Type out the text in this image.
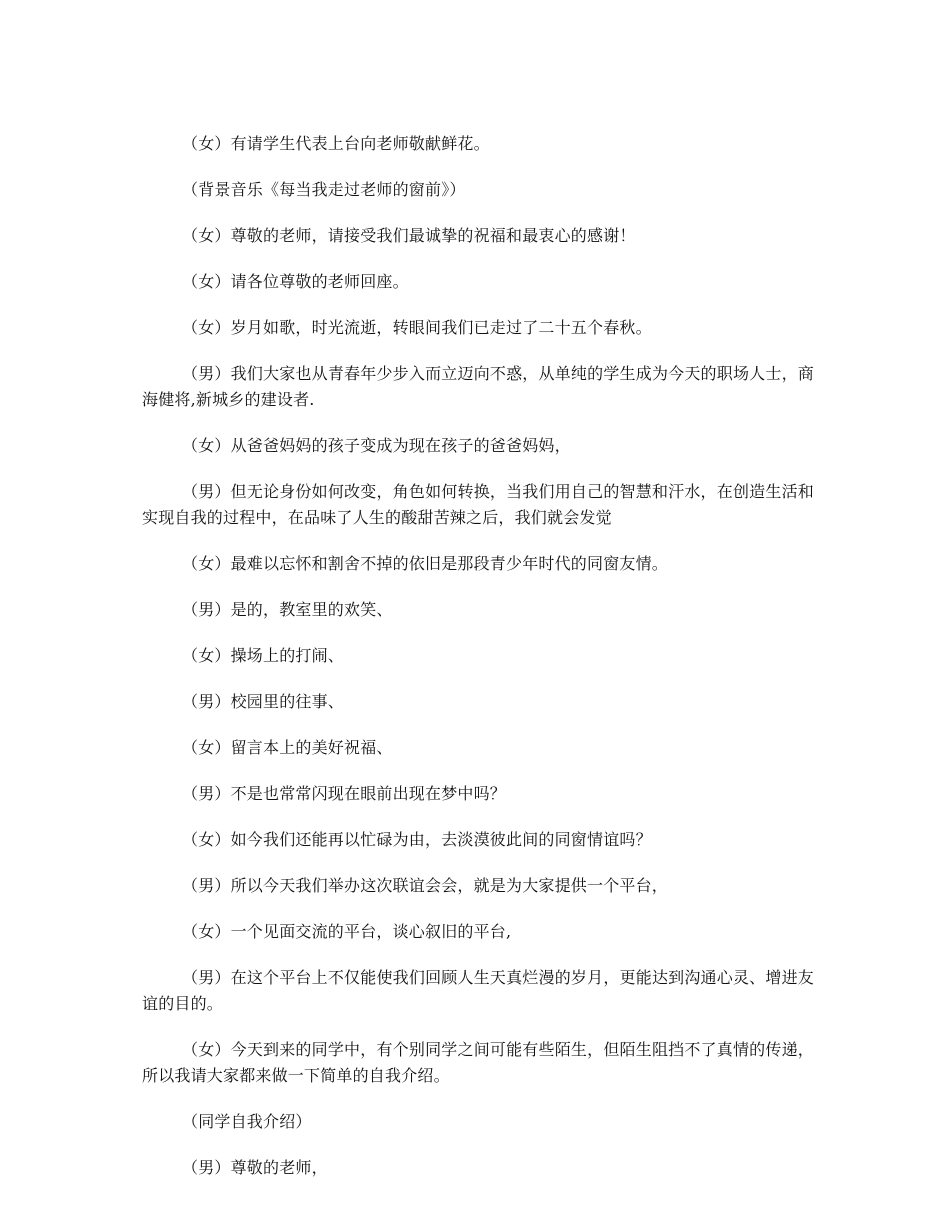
（女）有请学生代表上台向老师敬献鲜花。

（背景音乐《每当我走过老师的窗前》）

（女）尊敬的老师，请接受我们最诚挚的祝福和最衷心的感谢！

（女）请各位尊敬的老师回座。

（女）岁月如歌，时光流逝，转眼间我们已走过了二十五个春秋。

（男）我们大家也从青春年少步入而立迈向不惑，从单纯的学生成为今天的职场人士，商海健将,新城乡的建设者.

（女）从爸爸妈妈的孩子变成为现在孩子的爸爸妈妈，

（男）但无论身份如何改变，角色如何转换，当我们用自己的智慧和汗水，在创造生活和实现自我的过程中，在品味了人生的酸甜苦辣之后，我们就会发觉

（女）最难以忘怀和割舍不掉的依旧是那段青少年时代的同窗友情。

（男）是的，教室里的欢笑、

（女）操场上的打闹、

（男）校园里的往事、

（女）留言本上的美好祝福、

（男）不是也常常闪现在眼前出现在梦中吗？

（女）如今我们还能再以忙碌为由，去淡漠彼此间的同窗情谊吗？

（男）所以今天我们举办这次联谊会会，就是为大家提供一个平台，

（女）一个见面交流的平台，谈心叙旧的平台,

（男）在这个平台上不仅能使我们回顾人生天真烂漫的岁月，更能达到沟通心灵、增进友谊的目的。

（女）今天到来的同学中，有个别同学之间可能有些陌生，但陌生阻挡不了真情的传递，所以我请大家都来做一下简单的自我介绍。

（同学自我介绍）

（男）尊敬的老师，
